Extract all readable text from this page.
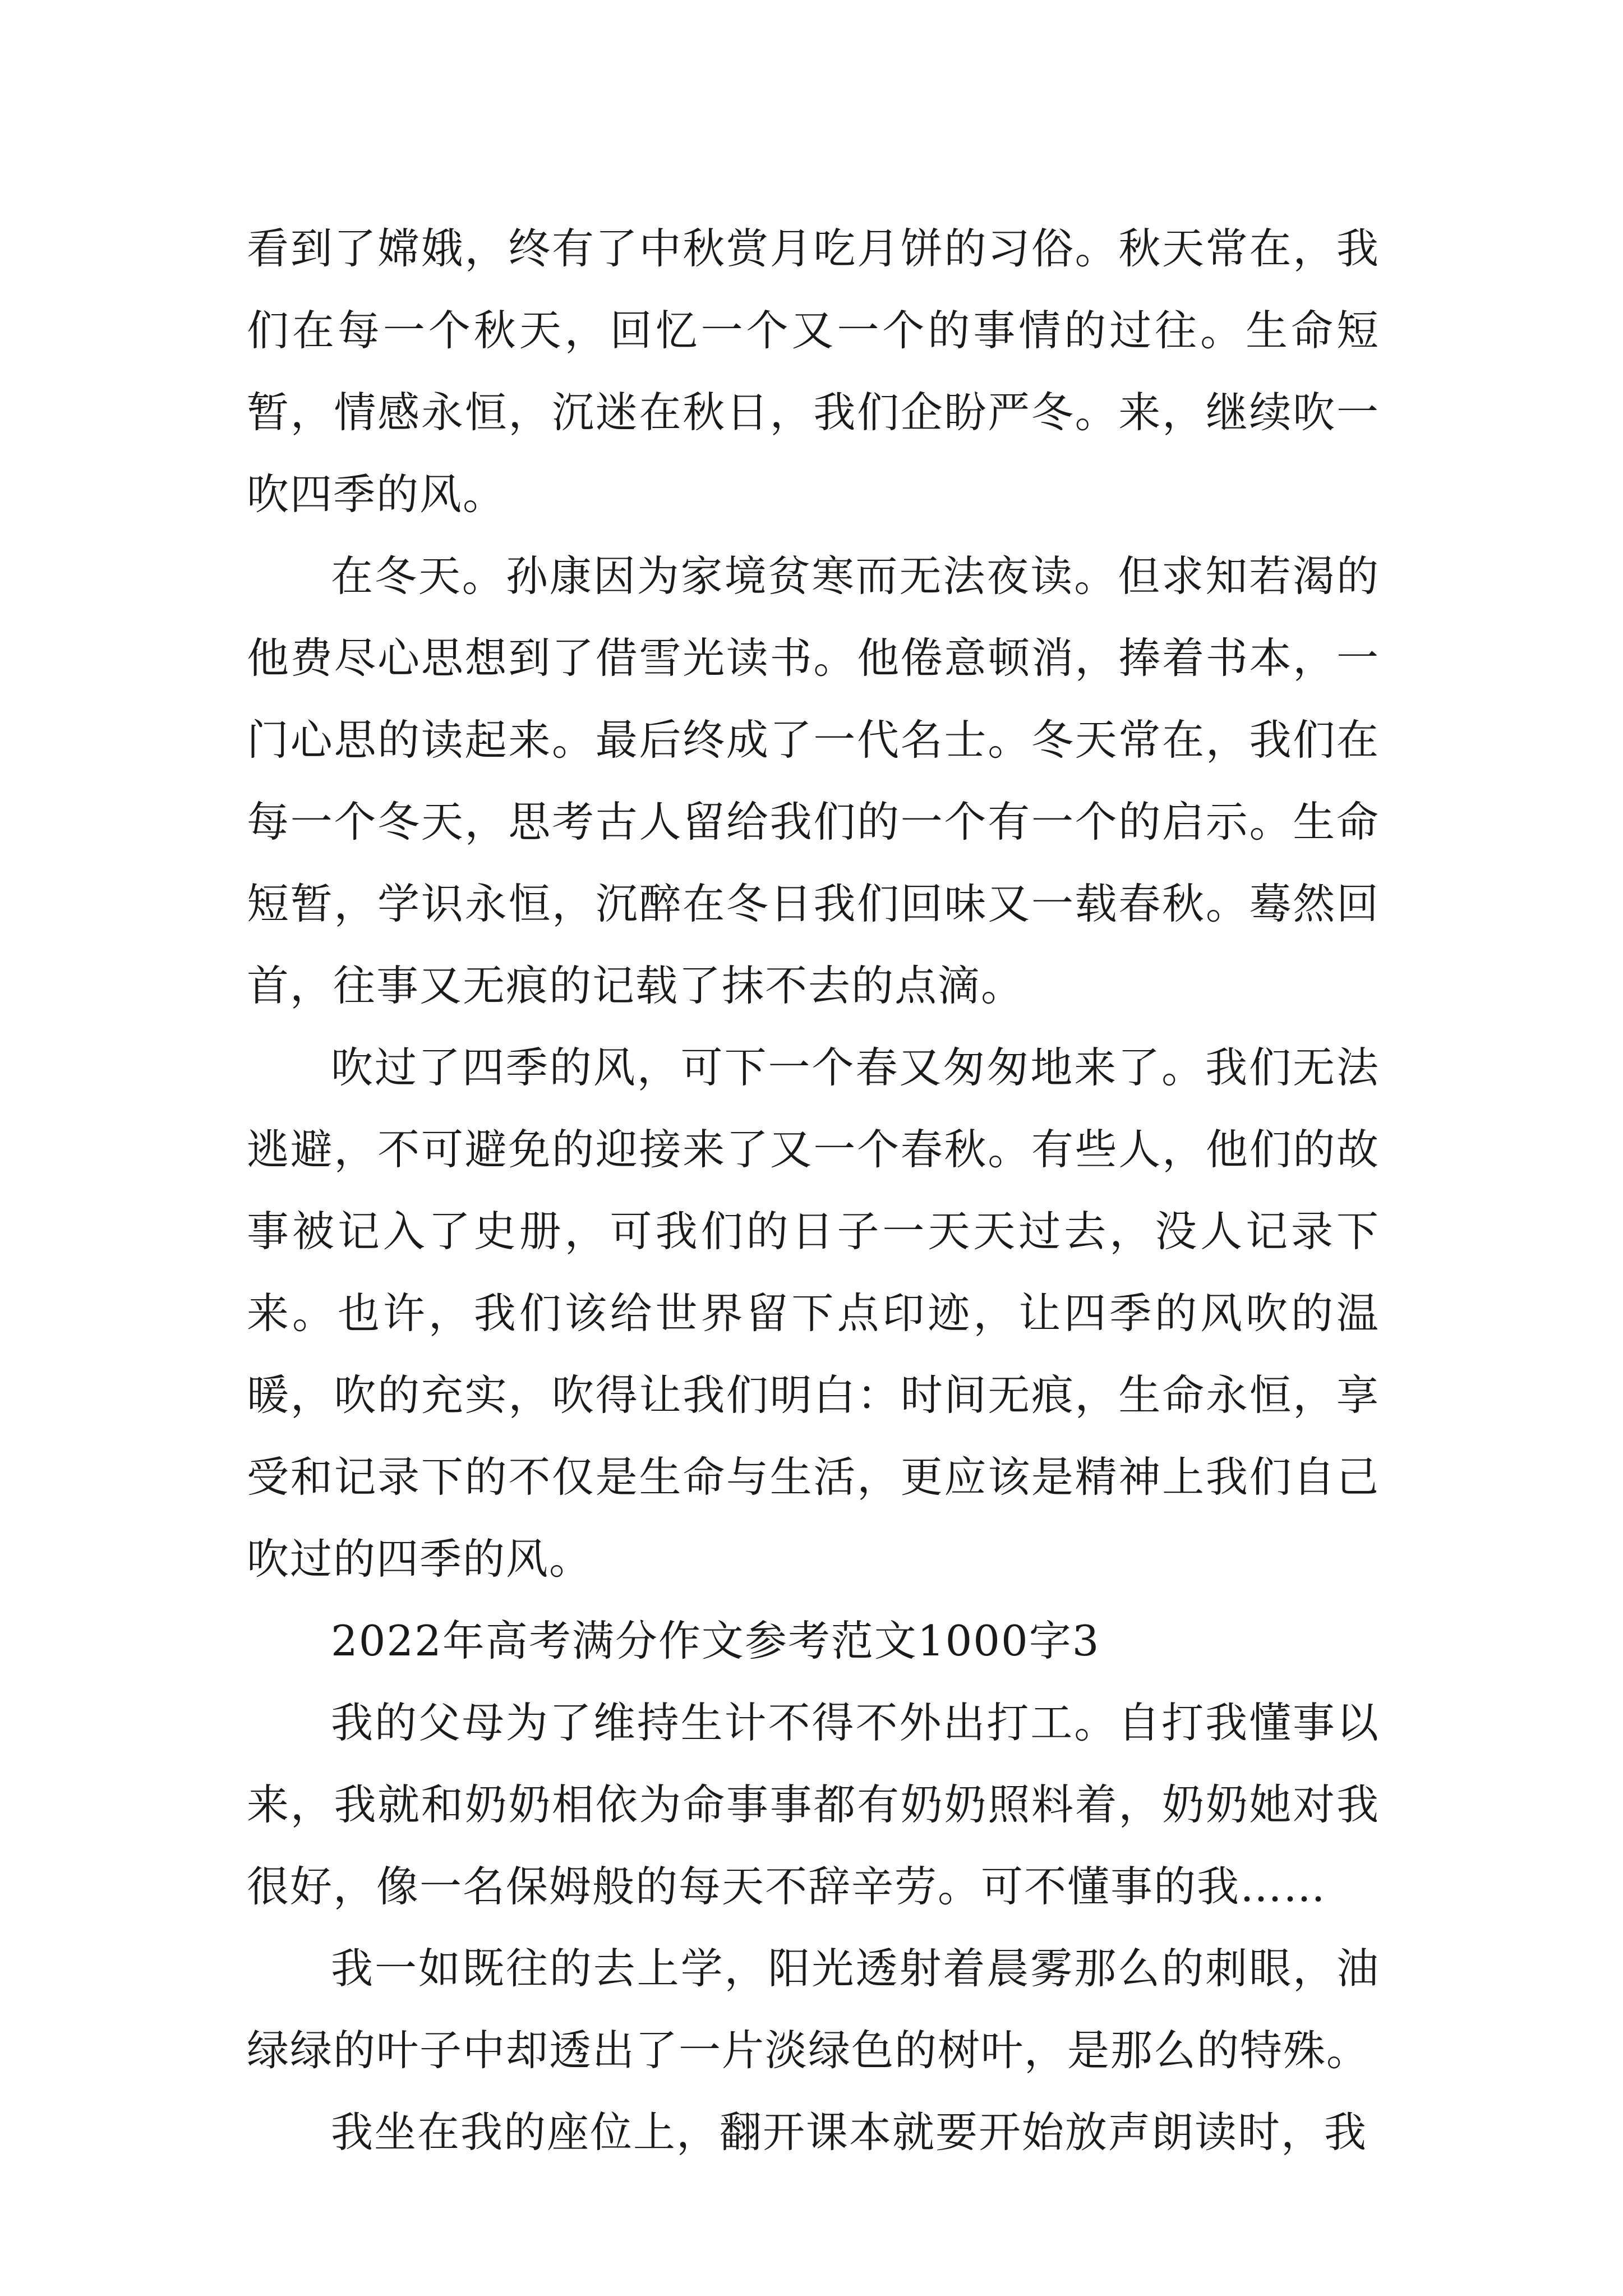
看到了嫦娥，终有了中秋赏月吃月饼的习俗。秋天常在，我们在每一个秋天，回忆一个又一个的事情的过往。生命短暂，情感永恒，沉迷在秋日，我们企盼严冬。来，继续吹一吹四季的风。

在冬天。孙康因为家境贫寒而无法夜读。但求知若渴的他费尽心思想到了借雪光读书。他倦意顿消，捧着书本，一门心思的读起来。最后终成了一代名士。冬天常在，我们在每一个冬天，思考古人留给我们的一个有一个的启示。生命短暂，学识永恒，沉醉在冬日我们回味又一载春秋。蓦然回首，往事又无痕的记载了抹不去的点滴。

吹过了四季的风，可下一个春又匆匆地来了。我们无法逃避，不可避免的迎接来了又一个春秋。有些人，他们的故事被记入了史册，可我们的日子一天天过去，没人记录下来。也许，我们该给世界留下点印迹，让四季的风吹的温暖，吹的充实，吹得让我们明白：时间无痕，生命永恒，享受和记录下的不仅是生命与生活，更应该是精神上我们自己吹过的四季的风。

2022年高考满分作文参考范文1000字3

我的父母为了维持生计不得不外出打工。自打我懂事以来，我就和奶奶相依为命事事都有奶奶照料着，奶奶她对我很好，像一名保姆般的每天不辞辛劳。可不懂事的我……

我一如既往的去上学，阳光透射着晨雾那么的刺眼，油绿绿的叶子中却透出了一片淡绿色的树叶，是那么的特殊。

我坐在我的座位上，翻开课本就要开始放声朗读时，我
